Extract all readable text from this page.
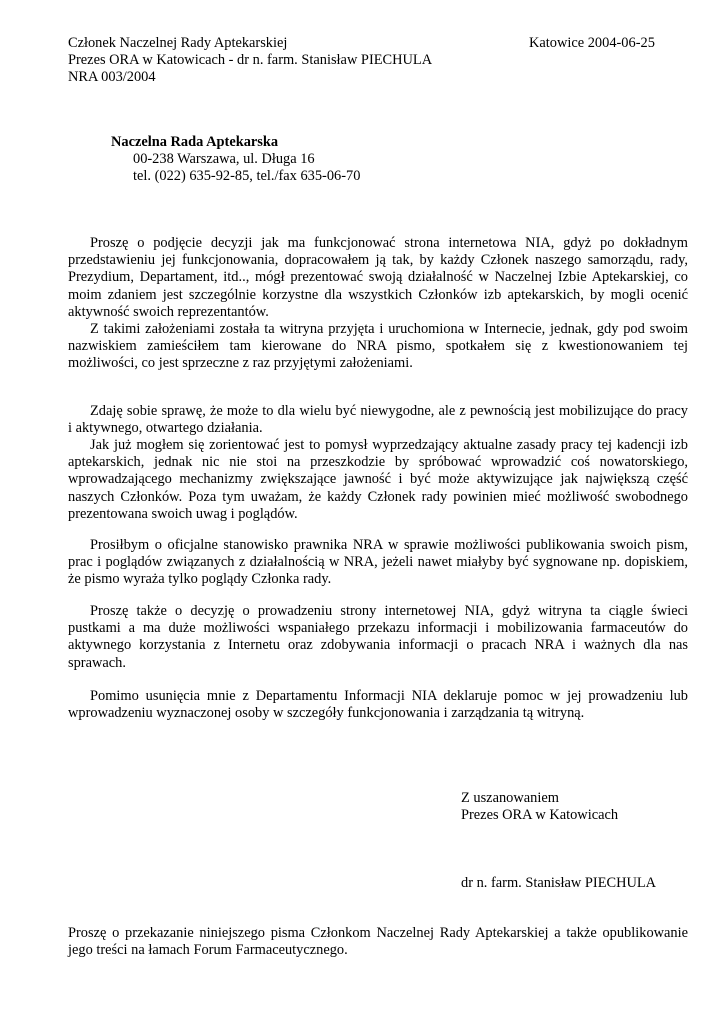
Członek Naczelnej Rady Aptekarskiej
Prezes ORA w Katowicach - dr n. farm. Stanisław PIECHULA
NRA 003/2004
Katowice 2004-06-25
Naczelna Rada Aptekarska
00-238 Warszawa, ul. Długa 16
tel. (022) 635-92-85, tel./fax 635-06-70
Proszę o podjęcie decyzji jak ma funkcjonować strona internetowa NIA, gdyż po dokładnym
przedstawieniu jej funkcjonowania, dopracowałem ją tak, by każdy Członek naszego samorządu, rady,
Prezydium, Departament, itd.., mógł prezentować swoją działalność w Naczelnej Izbie Aptekarskiej, co
moim zdaniem jest szczególnie korzystne dla wszystkich Członków izb aptekarskich, by mogli ocenić
aktywność swoich reprezentantów.
Z takimi założeniami została ta witryna przyjęta i uruchomiona w Internecie, jednak, gdy pod swoim
nazwiskiem zamieściłem tam kierowane do NRA pismo, spotkałem się z kwestionowaniem tej
możliwości, co jest sprzeczne z raz przyjętymi założeniami.
Zdaję sobie sprawę, że może to dla wielu być niewygodne, ale z pewnością jest mobilizujące do pracy
i aktywnego, otwartego działania.
Jak już mogłem się zorientować jest to pomysł wyprzedzający aktualne zasady pracy tej kadencji izb
aptekarskich, jednak nic nie stoi na przeszkodzie by spróbować wprowadzić coś nowatorskiego,
wprowadzającego mechanizmy zwiększające jawność i być może aktywizujące jak największą część
naszych Członków. Poza tym uważam, że każdy Członek rady powinien mieć możliwość swobodnego
prezentowana swoich uwag i poglądów.
Prosiłbym o oficjalne stanowisko prawnika NRA w sprawie możliwości publikowania swoich pism,
prac i poglądów związanych z działalnością w NRA, jeżeli nawet miałyby być sygnowane np. dopiskiem,
że pismo wyraża tylko poglądy Członka rady.
Proszę także o decyzję o prowadzeniu strony internetowej NIA, gdyż witryna ta ciągle świeci
pustkami a ma duże możliwości wspaniałego przekazu informacji i mobilizowania farmaceutów do
aktywnego korzystania z Internetu oraz zdobywania informacji o pracach NRA i ważnych dla nas
sprawach.
Pomimo usunięcia mnie z Departamentu Informacji NIA deklaruje pomoc w jej prowadzeniu lub
wprowadzeniu wyznaczonej osoby w szczegóły funkcjonowania i zarządzania tą witryną.
Z uszanowaniem
Prezes ORA w Katowicach
dr n. farm. Stanisław PIECHULA
Proszę o przekazanie niniejszego pisma Członkom Naczelnej Rady Aptekarskiej a także opublikowanie
jego treści na łamach Forum Farmaceutycznego.
